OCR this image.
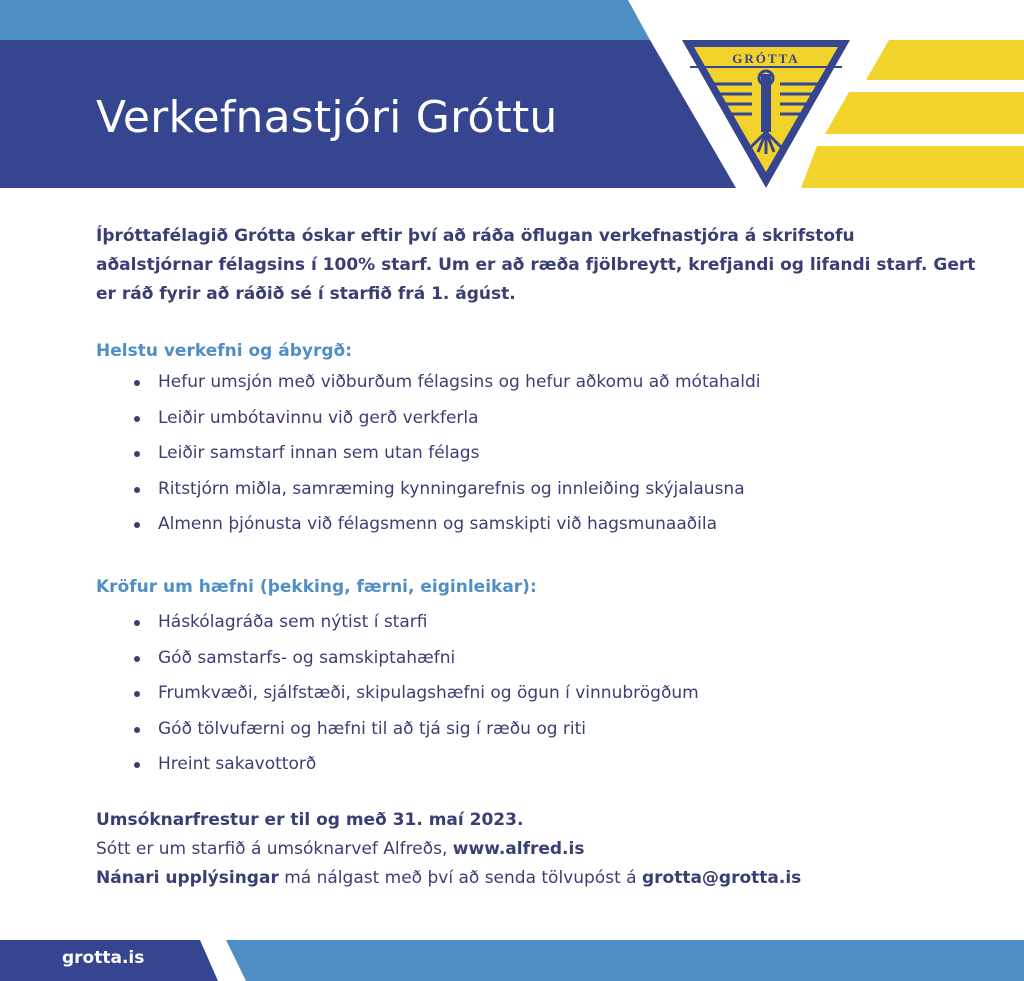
GRÓTTA
Verkefnastjóri Gróttu

Íþróttafélagið Grótta óskar eftir því að ráða öflugan verkefnastjóra á skrifstofu aðalstjórnar félagsins í 100% starf. Um er að ræða fjölbreytt, krefjandi og lifandi starf. Gert er ráð fyrir að ráðið sé í starfið frá 1. ágúst.

Helstu verkefni og ábyrgð:
Hefur umsjón með viðburðum félagsins og hefur aðkomu að mótahaldi
Leiðir umbótavinnu við gerð verkferla
Leiðir samstarf innan sem utan félags
Ritstjórn miðla, samræming kynningarefnis og innleiðing skýjalausna
Almenn þjónusta við félagsmenn og samskipti við hagsmunaaðila
Kröfur um hæfni (þekking, færni, eiginleikar):
Háskólagráða sem nýtist í starfi
Góð samstarfs- og samskiptahæfni
Frumkvæði, sjálfstæði, skipulagshæfni og ögun í vinnubrögðum
Góð tölvufærni og hæfni til að tjá sig í ræðu og riti
Hreint sakavottorð

Umsóknarfrestur er til og með 31. maí 2023.

Sótt er um starfið á umsóknarvef Alfreðs, www.alfred.is

Nánari upplýsingar má nálgast með því að senda tölvupóst á grotta@grotta.is

grotta.is
